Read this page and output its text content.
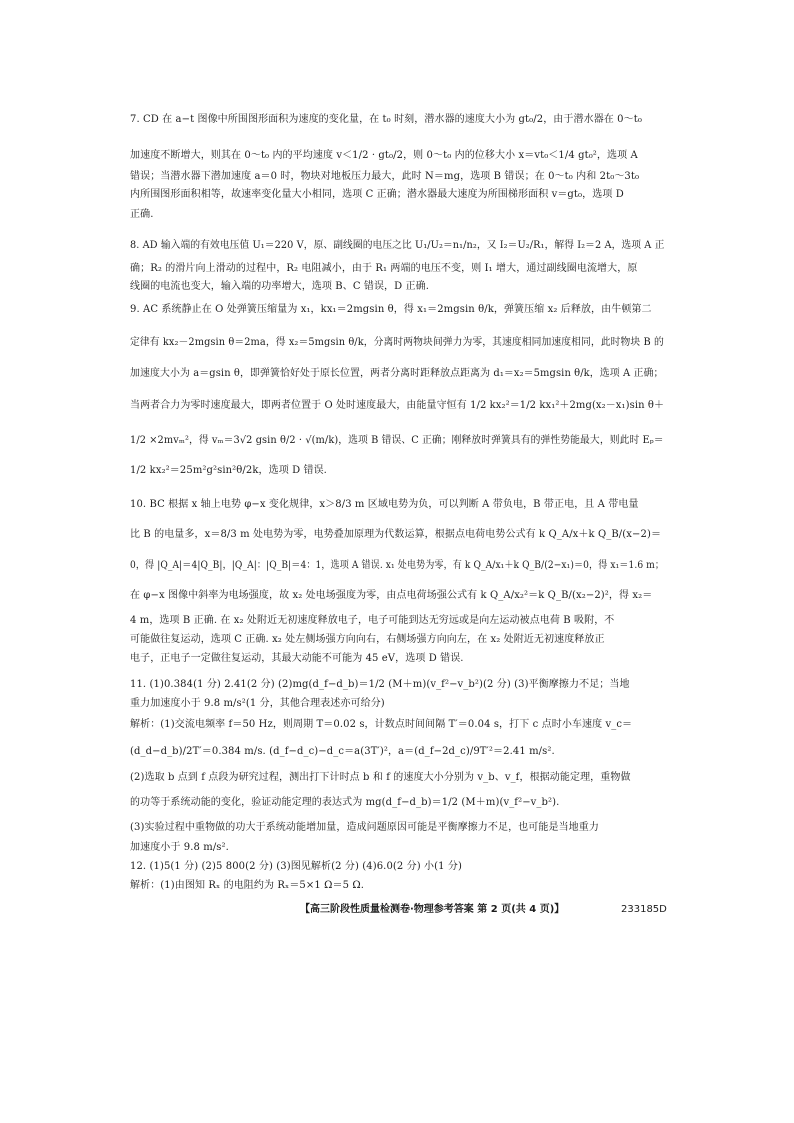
7. CD 在 a−t 图像中所围图形面积为速度的变化量，在 t₀ 时刻，潜水器的速度大小为 gt₀/2，由于潜水器在 0～t₀
加速度不断增大，则其在 0～t₀ 内的平均速度 v＜1/2 · gt₀/2，则 0～t₀ 内的位移大小 x＝vt₀＜1/4 gt₀²，选项 A
错误；当潜水器下潜加速度 a＝0 时，物块对地板压力最大，此时 N＝mg，选项 B 错误；在 0～t₀ 内和 2t₀～3t₀
内所围图形面积相等，故速率变化量大小相同，选项 C 正确；潜水器最大速度为所围梯形面积 v＝gt₀，选项 D
正确.
8. AD 输入端的有效电压值 U₁＝220 V，原、副线圈的电压之比 U₁/U₂＝n₁/n₂，又 I₂＝U₂/R₁，解得 I₂＝2 A，选项 A 正
确；R₂ 的滑片向上滑动的过程中，R₂ 电阻减小，由于 R₁ 两端的电压不变，则 I₁ 增大，通过副线圈电流增大，原
线圈的电流也变大，输入端的功率增大，选项 B、C 错误，D 正确.
9. AC 系统静止在 O 处弹簧压缩量为 x₁，kx₁＝2mgsin θ，得 x₁＝2mgsin θ/k，弹簧压缩 x₂ 后释放，由牛顿第二
定律有 kx₂－2mgsin θ＝2ma，得 x₂＝5mgsin θ/k，分离时两物块间弹力为零，其速度相同加速度相同，此时物块 B 的
加速度大小为 a＝gsin θ，即弹簧恰好处于原长位置，两者分离时距释放点距离为 d₁＝x₂＝5mgsin θ/k，选项 A 正确；
当两者合力为零时速度最大，即两者位置于 O 处时速度最大，由能量守恒有 1/2 kx₂²＝1/2 kx₁²＋2mg(x₂－x₁)sin θ＋
1/2 ×2mvₘ²，得 vₘ＝3√2 gsin θ/2 · √(m/k)，选项 B 错误、C 正确；刚释放时弹簧具有的弹性势能最大，则此时 Eₚ＝
1/2 kx₂²＝25m²g²sin²θ/2k，选项 D 错误.
10. BC 根据 x 轴上电势 φ−x 变化规律，x＞8/3 m 区域电势为负，可以判断 A 带负电，B 带正电，且 A 带电量
比 B 的电量多，x＝8/3 m 处电势为零，电势叠加原理为代数运算，根据点电荷电势公式有 k Q_A/x＋k Q_B/(x−2)＝
0，得 |Q_A|＝4|Q_B|，|Q_A|：|Q_B|＝4：1，选项 A 错误. x₁ 处电势为零，有 k Q_A/x₁＋k Q_B/(2−x₁)＝0，得 x₁＝1.6 m；
在 φ−x 图像中斜率为电场强度，故 x₂ 处电场强度为零，由点电荷场强公式有 k Q_A/x₂²＝k Q_B/(x₂−2)²，得 x₂＝
4 m，选项 B 正确. 在 x₂ 处附近无初速度释放电子，电子可能到达无穷远或是向左运动被点电荷 B 吸附，不
可能做往复运动，选项 C 正确. x₂ 处左侧场强方向向右，右侧场强方向向左，在 x₂ 处附近无初速度释放正
电子，正电子一定做往复运动，其最大动能不可能为 45 eV，选项 D 错误.
11. (1)0.384(1 分) 2.41(2 分) (2)mg(d_f−d_b)＝1/2 (M＋m)(v_f²−v_b²)(2 分) (3)平衡摩擦力不足；当地
重力加速度小于 9.8 m/s²(1 分，其他合理表述亦可给分)
解析：(1)交流电频率 f＝50 Hz，则周期 T＝0.02 s，计数点时间间隔 T′＝0.04 s，打下 c 点时小车速度 v_c＝
(d_d−d_b)/2T′＝0.384 m/s. (d_f−d_c)−d_c＝a(3T′)²，a＝(d_f−2d_c)/9T′²＝2.41 m/s².
(2)选取 b 点到 f 点段为研究过程，测出打下计时点 b 和 f 的速度大小分别为 v_b、v_f，根据动能定理，重物做
的功等于系统动能的变化，验证动能定理的表达式为 mg(d_f−d_b)＝1/2 (M＋m)(v_f²−v_b²).
(3)实验过程中重物做的功大于系统动能增加量，造成问题原因可能是平衡摩擦力不足，也可能是当地重力
加速度小于 9.8 m/s².
12. (1)5(1 分) (2)5 800(2 分) (3)图见解析(2 分) (4)6.0(2 分) 小(1 分)
解析：(1)由图知 Rₓ 的电阻约为 Rₓ＝5×1 Ω＝5 Ω.
【高三阶段性质量检测卷·物理参考答案 第 2 页(共 4 页)】	233185D
